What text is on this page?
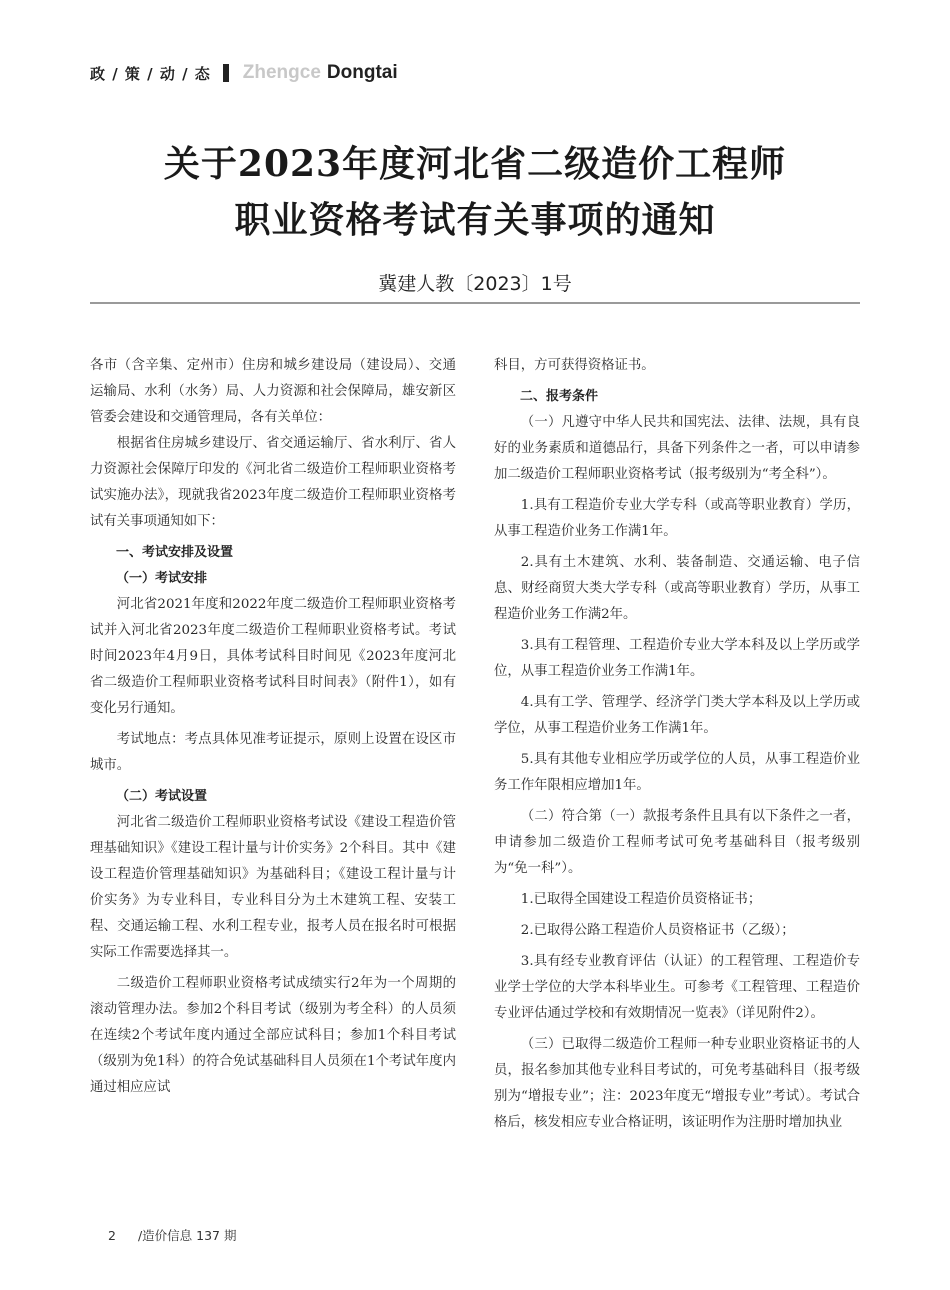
政 / 策 / 动 / 态 Zhengce Dongtai
关于2023年度河北省二级造价工程师
职业资格考试有关事项的通知
冀建人教〔2023〕1号

各市（含辛集、定州市）住房和城乡建设局（建设局）、交通运输局、水利（水务）局、人力资源和社会保障局，雄安新区管委会建设和交通管理局，各有关单位：

根据省住房城乡建设厅、省交通运输厅、省水利厅、省人力资源社会保障厅印发的《河北省二级造价工程师职业资格考试实施办法》，现就我省2023年度二级造价工程师职业资格考试有关事项通知如下：

一、考试安排及设置

（一）考试安排

河北省2021年度和2022年度二级造价工程师职业资格考试并入河北省2023年度二级造价工程师职业资格考试。考试时间2023年4月9日，具体考试科目时间见《2023年度河北省二级造价工程师职业资格考试科目时间表》（附件1），如有变化另行通知。

考试地点：考点具体见准考证提示，原则上设置在设区市城市。

（二）考试设置

河北省二级造价工程师职业资格考试设《建设工程造价管理基础知识》《建设工程计量与计价实务》2个科目。其中《建设工程造价管理基础知识》为基础科目；《建设工程计量与计价实务》为专业科目，专业科目分为土木建筑工程、安装工程、交通运输工程、水利工程专业，报考人员在报名时可根据实际工作需要选择其一。

二级造价工程师职业资格考试成绩实行2年为一个周期的滚动管理办法。参加2个科目考试（级别为考全科）的人员须在连续2个考试年度内通过全部应试科目；参加1个科目考试（级别为免1科）的符合免试基础科目人员须在1个考试年度内通过相应应试

科目，方可获得资格证书。

二、报考条件

（一）凡遵守中华人民共和国宪法、法律、法规，具有良好的业务素质和道德品行，具备下列条件之一者，可以申请参加二级造价工程师职业资格考试（报考级别为“考全科”）。

1.具有工程造价专业大学专科（或高等职业教育）学历，从事工程造价业务工作满1年。

2.具有土木建筑、水利、装备制造、交通运输、电子信息、财经商贸大类大学专科（或高等职业教育）学历，从事工程造价业务工作满2年。

3.具有工程管理、工程造价专业大学本科及以上学历或学位，从事工程造价业务工作满1年。

4.具有工学、管理学、经济学门类大学本科及以上学历或学位，从事工程造价业务工作满1年。

5.具有其他专业相应学历或学位的人员，从事工程造价业务工作年限相应增加1年。

（二）符合第（一）款报考条件且具有以下条件之一者，申请参加二级造价工程师考试可免考基础科目（报考级别为“免一科”）。

1.已取得全国建设工程造价员资格证书；

2.已取得公路工程造价人员资格证书（乙级）；

3.具有经专业教育评估（认证）的工程管理、工程造价专业学士学位的大学本科毕业生。可参考《工程管理、工程造价专业评估通过学校和有效期情况一览表》（详见附件2）。

（三）已取得二级造价工程师一种专业职业资格证书的人员，报名参加其他专业科目考试的，可免考基础科目（报考级别为“增报专业”；注：2023年度无“增报专业”考试）。考试合格后，核发相应专业合格证明，该证明作为注册时增加执业

2 /造价信息 137 期
